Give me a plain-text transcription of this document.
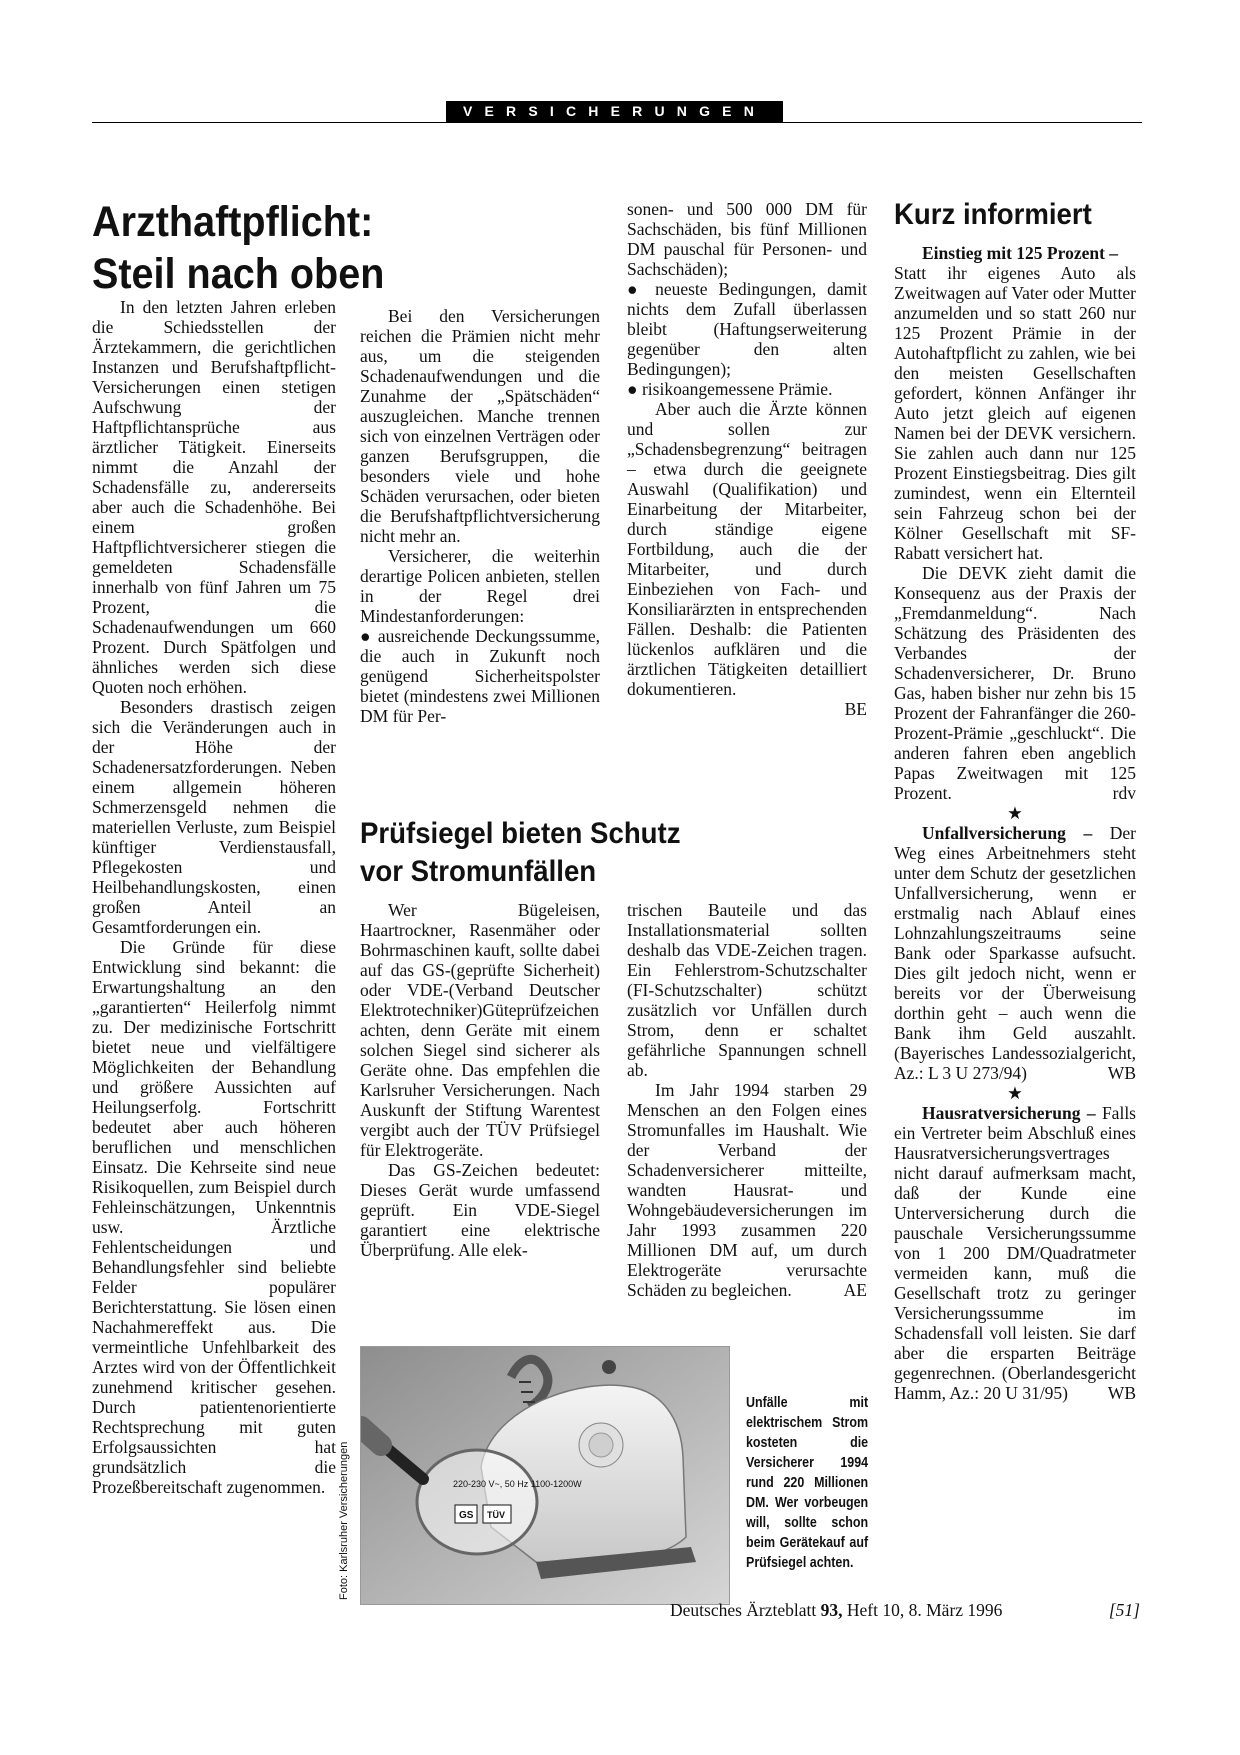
VERSICHERUNGEN
Arzthaftpflicht:
Steil nach oben

In den letzten Jahren erleben die Schiedsstellen der Ärztekammern, die gerichtlichen Instanzen und Berufshaftpflicht-Versicherungen einen stetigen Aufschwung der Haftpflichtansprüche aus ärztlicher Tätigkeit. Einerseits nimmt die Anzahl der Schadensfälle zu, andererseits aber auch die Schadenhöhe. Bei einem großen Haftpflichtversicherer stiegen die gemeldeten Schadensfälle innerhalb von fünf Jahren um 75 Prozent, die Schadenaufwendungen um 660 Prozent. Durch Spätfolgen und ähnliches werden sich diese Quoten noch erhöhen.

Besonders drastisch zeigen sich die Veränderungen auch in der Höhe der Schadenersatzforderungen. Neben einem allgemein höheren Schmerzensgeld nehmen die materiellen Verluste, zum Beispiel künftiger Verdienstausfall, Pflegekosten und Heilbehandlungskosten, einen großen Anteil an Gesamtforderungen ein.

Die Gründe für diese Entwicklung sind bekannt: die Erwartungshaltung an den „garantierten“ Heilerfolg nimmt zu. Der medizinische Fortschritt bietet neue und vielfältigere Möglichkeiten der Behandlung und größere Aussichten auf Heilungserfolg. Fortschritt bedeutet aber auch höheren beruflichen und menschlichen Einsatz. Die Kehrseite sind neue Risikoquellen, zum Beispiel durch Fehleinschätzungen, Unkenntnis usw. Ärztliche Fehlentscheidungen und Behandlungsfehler sind beliebte Felder populärer Berichterstattung. Sie lösen einen Nachahmereffekt aus. Die vermeintliche Unfehlbarkeit des Arztes wird von der Öffentlichkeit zunehmend kritischer gesehen. Durch patientenorientierte Rechtsprechung mit guten Erfolgsaussichten hat grundsätzlich die Prozeßbereitschaft zugenommen.

Bei den Versicherungen reichen die Prämien nicht mehr aus, um die steigenden Schadenaufwendungen und die Zunahme der „Spätschäden“ auszugleichen. Manche trennen sich von einzelnen Verträgen oder ganzen Berufsgruppen, die besonders viele und hohe Schäden verursachen, oder bieten die Berufshaftpflichtversicherung nicht mehr an.

Versicherer, die weiterhin derartige Policen anbieten, stellen in der Regel drei Mindestanforderungen:

● ausreichende Deckungssumme, die auch in Zukunft noch genügend Sicherheitspolster bietet (mindestens zwei Millionen DM für Per-

sonen- und 500 000 DM für Sachschäden, bis fünf Millionen DM pauschal für Personen- und Sachschäden);

● neueste Bedingungen, damit nichts dem Zufall überlassen bleibt (Haftungserweiterung gegenüber den alten Bedingungen);

● risikoangemessene Prämie.

Aber auch die Ärzte können und sollen zur „Schadensbegrenzung“ beitragen – etwa durch die geeignete Auswahl (Qualifikation) und Einarbeitung der Mitarbeiter, durch ständige eigene Fortbildung, auch die der Mitarbeiter, und durch Einbeziehen von Fach- und Konsiliarärzten in entsprechenden Fällen. Deshalb: die Patienten lückenlos aufklären und die ärztlichen Tätigkeiten detailliert dokumentieren.

BE
Prüfsiegel bieten Schutz
vor Stromunfällen

Wer Bügeleisen, Haartrockner, Rasenmäher oder Bohrmaschinen kauft, sollte dabei auf das GS-(geprüfte Sicherheit) oder VDE-(Verband Deutscher Elektrotechniker)Güteprüfzeichen achten, denn Geräte mit einem solchen Siegel sind sicherer als Geräte ohne. Das empfehlen die Karlsruher Versicherungen. Nach Auskunft der Stiftung Warentest vergibt auch der TÜV Prüfsiegel für Elektrogeräte.

Das GS-Zeichen bedeutet: Dieses Gerät wurde umfassend geprüft. Ein VDE-Siegel garantiert eine elektrische Überprüfung. Alle elek-

trischen Bauteile und das Installationsmaterial sollten deshalb das VDE-Zeichen tragen. Ein Fehlerstrom-Schutzschalter (FI-Schutzschalter) schützt zusätzlich vor Unfällen durch Strom, denn er schaltet gefährliche Spannungen schnell ab.

Im Jahr 1994 starben 29 Menschen an den Folgen eines Stromunfalles im Haushalt. Wie der Verband der Schadenversicherer mitteilte, wandten Hausrat- und Wohngebäudeversicherungen im Jahr 1993 zusammen 220 Millionen DM auf, um durch Elektrogeräte verursachte Schäden zu begleichen.	AE

220-230 V~, 50 Hz 1100-1200W
TÜV
GS
Foto: Karlsruher Versicherungen
Unfälle mit elektrischem Strom kosteten die Versicherer 1994 rund 220 Millionen DM. Wer vorbeugen will, sollte schon beim Gerätekauf auf Prüfsiegel achten.
Kurz informiert

Einstieg mit 125 Prozent –
Statt ihr eigenes Auto als Zweitwagen auf Vater oder Mutter anzumelden und so statt 260 nur 125 Prozent Prämie in der Autohaftpflicht zu zahlen, wie bei den meisten Gesellschaften gefordert, können Anfänger ihr Auto jetzt gleich auf eigenen Namen bei der DEVK versichern. Sie zahlen auch dann nur 125 Prozent Einstiegsbeitrag. Dies gilt zumindest, wenn ein Elternteil sein Fahrzeug schon bei der Kölner Gesellschaft mit SF-Rabatt versichert hat.

Die DEVK zieht damit die Konsequenz aus der Praxis der „Fremdanmeldung“. Nach Schätzung des Präsidenten des Verbandes der Schadenversicherer, Dr. Bruno Gas, haben bisher nur zehn bis 15 Prozent der Fahranfänger die 260-Prozent-Prämie „geschluckt“. Die anderen fahren eben angeblich Papas Zweitwagen mit 125 Prozent.	rdv

★

Unfallversicherung – Der Weg eines Arbeitnehmers steht unter dem Schutz der gesetzlichen Unfallversicherung, wenn er erstmalig nach Ablauf eines Lohnzahlungszeitraums seine Bank oder Sparkasse aufsucht. Dies gilt jedoch nicht, wenn er bereits vor der Überweisung dorthin geht – auch wenn die Bank ihm Geld auszahlt. (Bayerisches Landessozialgericht, Az.: L 3 U 273/94)	WB

★

Hausratversicherung – Falls ein Vertreter beim Abschluß eines Hausratversicherungsvertrages nicht darauf aufmerksam macht, daß der Kunde eine Unterversicherung durch die pauschale Versicherungssumme von 1 200 DM/Quadratmeter vermeiden kann, muß die Gesellschaft trotz zu geringer Versicherungssumme im Schadensfall voll leisten. Sie darf aber die ersparten Beiträge gegenrechnen. (Oberlandesgericht Hamm, Az.: 20 U 31/95)	WB

Deutsches Ärzteblatt 93, Heft 10, 8. März 1996	[51]
